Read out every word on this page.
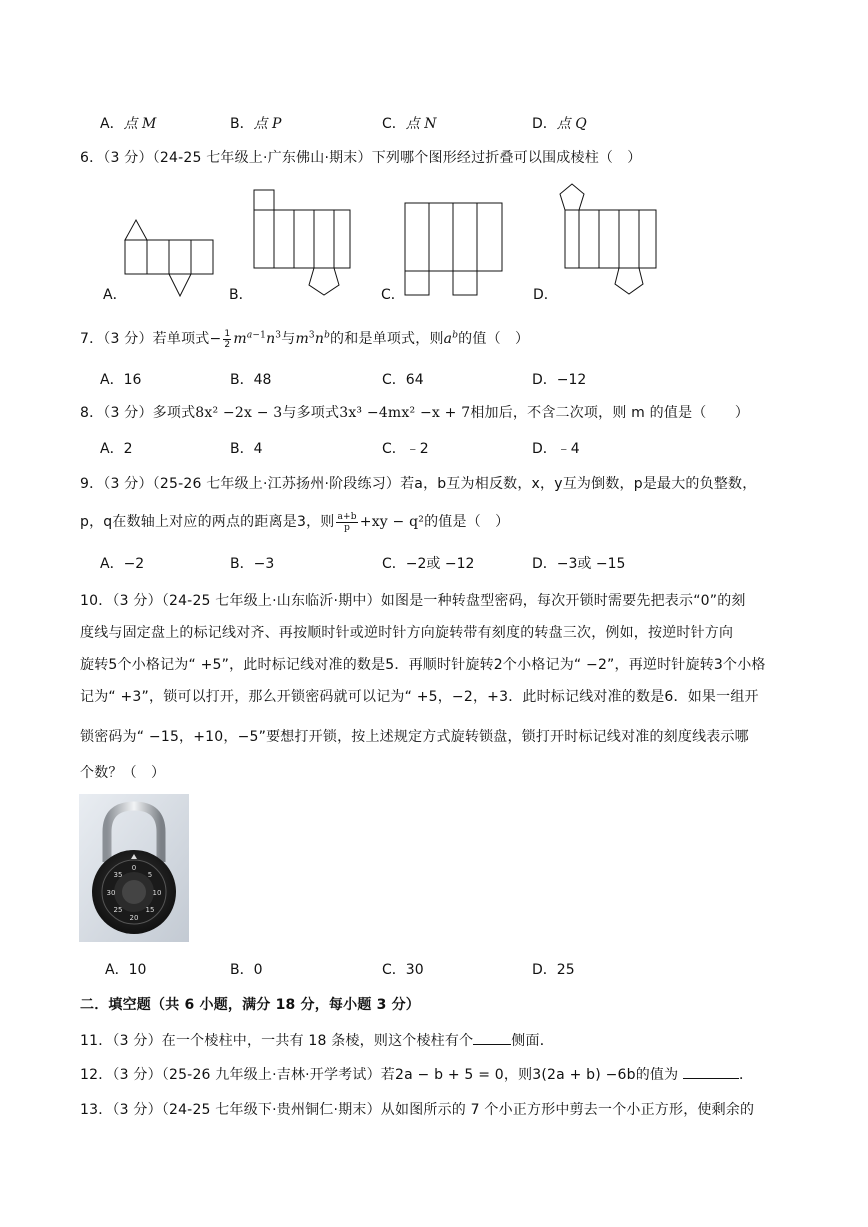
A．点 M	B．点 P	C．点 N	D．点 Q
6．（3 分）（24-25 七年级上·广东佛山·期末）下列哪个图形经过折叠可以围成棱柱（　）
A．	B．	C．	D．
7．（3 分）若单项式− $\frac{1}{2} m^{a-1}n^3$与$m^3n^b$的和是单项式，则$a^b$的值（　）
A．16	B．48	C．64	D．−12
8．（3 分）多项式8x² −2x − 3与多项式3x³ −4mx² −x + 7相加后，不含二次项，则 m 的值是（　　）
A．2	B．4	C．﹣2	D．﹣4
9．（3 分）（25-26 七年级上·江苏扬州·阶段练习）若a，b互为相反数，x，y互为倒数，p是最大的负整数，
p，q在数轴上对应的两点的距离是3，则 $\frac{a+b}{p} +xy - q^2$的值是（　）
A．−2	B．−3	C．−2或 −12	D．−3或 −15
10．（3 分）（24-25 七年级上·山东临沂·期中）如图是一种转盘型密码，每次开锁时需要先把表示“0”的刻
度线与固定盘上的标记线对齐、再按顺时针或逆时针方向旋转带有刻度的转盘三次，例如，按逆时针方向
旋转5个小格记为“ +5”，此时标记线对准的数是5．再顺时针旋转2个小格记为“ −2”，再逆时针旋转3个小格
记为“ +3”，锁可以打开，那么开锁密码就可以记为“ +5，−2，+3．此时标记线对准的数是6．如果一组开
锁密码为“ −15，+10，−5”要想打开锁，按上述规定方式旋转锁盘，锁打开时标记线对准的刻度线表示哪
个数？（　）
0
5
10
15
20
25
30
35
A．10	B．0	C．30	D．25
二．填空题（共 6 小题，满分 18 分，每小题 3 分）
11．（3 分）在一个棱柱中，一共有 18 条棱，则这个棱柱有个	侧面．
12．（3 分）（25-26 九年级上·吉林·开学考试）若2a − b + 5 = 0，则3(2a + b) −6b的值为	．
13．（3 分）（24-25 七年级下·贵州铜仁·期末）从如图所示的 7 个小正方形中剪去一个小正方形，使剩余的
